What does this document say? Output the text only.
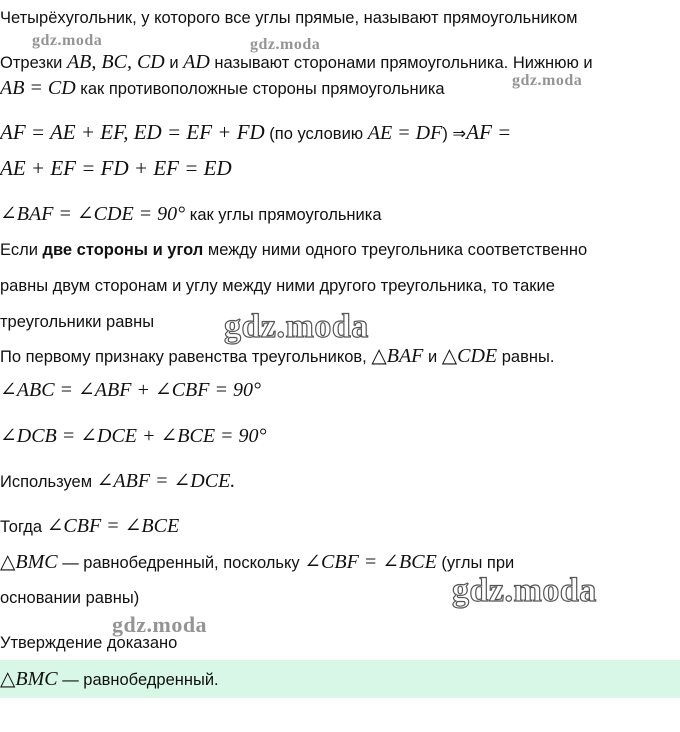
Четырёхугольник, у которого все углы прямые, называют прямоугольником
Отрезки AB, BC, CD и AD называют сторонами прямоугольника. Нижнюю и
AB = CD как противоположные стороны прямоугольника
AF = AE + EF, ED = EF + FD (по условию AE = DF) ⇒AF =
AE + EF = FD + EF = ED
∠BAF = ∠CDE = 90° как углы прямоугольника
Если две стороны и угол между ними одного треугольника соответственно
равны двум сторонам и углу между ними другого треугольника, то такие
треугольники равны
По первому признаку равенства треугольников, △BAF и △CDE равны.
∠ABC = ∠ABF + ∠CBF = 90°
∠DCB = ∠DCE + ∠BCE = 90°
Используем ∠ABF = ∠DCE.
Тогда ∠CBF = ∠BCE
△BMC — равнобедренный, поскольку ∠CBF = ∠BCE (углы при
основании равны)
Утверждение доказано
△BMC — равнобедренный.
gdz.moda	gdz.moda
gdz.moda
gdz.moda
gdz.moda
gdz.moda
